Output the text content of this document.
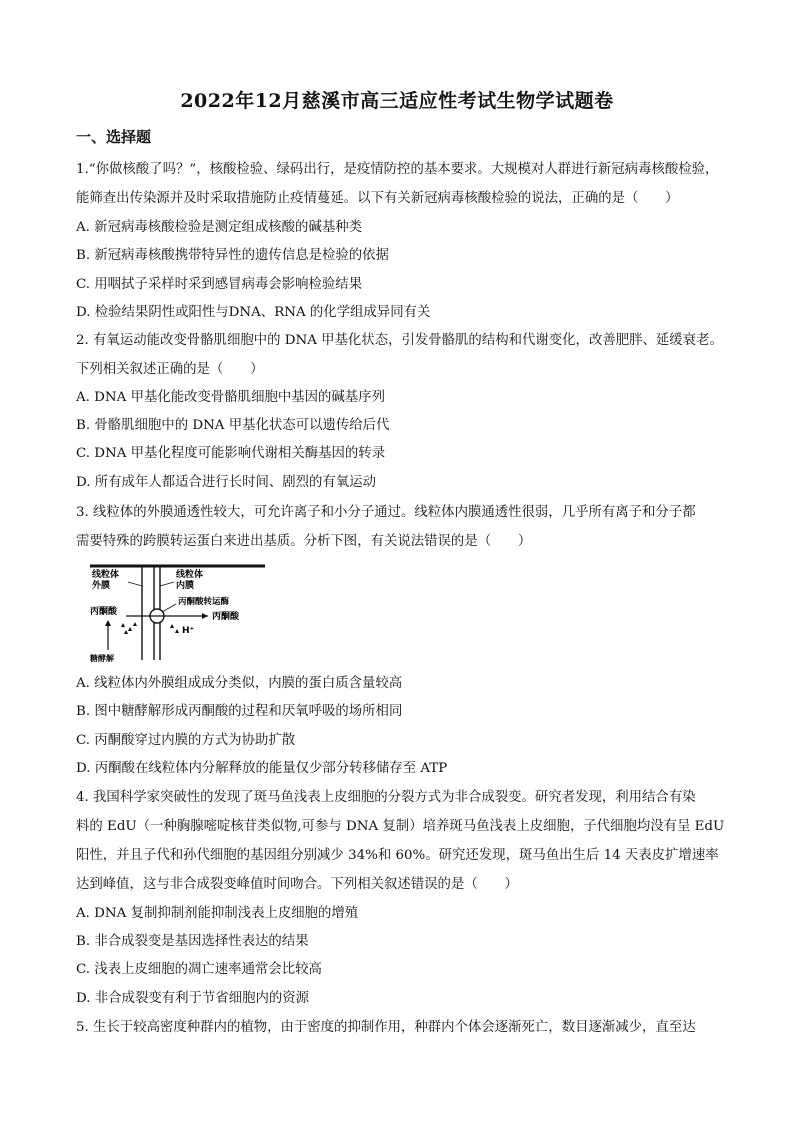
2022年12月慈溪市高三适应性考试生物学试题卷
一、选择题
1.“你做核酸了吗？”，核酸检验、绿码出行，是疫情防控的基本要求。大规模对人群进行新冠病毒核酸检验，
能筛查出传染源并及时采取措施防止疫情蔓延。以下有关新冠病毒核酸检验的说法，正确的是（　　）
A. 新冠病毒核酸检验是测定组成核酸的碱基种类
B. 新冠病毒核酸携带特异性的遗传信息是检验的依据
C. 用咽拭子采样时采到感冒病毒会影响检验结果
D. 检验结果阴性或阳性与DNA、RNA 的化学组成异同有关
2. 有氧运动能改变骨骼肌细胞中的 DNA 甲基化状态，引发骨骼肌的结构和代谢变化，改善肥胖、延缓衰老。
下列相关叙述正确的是（　　）
A. DNA 甲基化能改变骨骼肌细胞中基因的碱基序列
B. 骨骼肌细胞中的 DNA 甲基化状态可以遗传给后代
C. DNA 甲基化程度可能影响代谢相关酶基因的转录
D. 所有成年人都适合进行长时间、剧烈的有氧运动
3. 线粒体的外膜通透性较大，可允许离子和小分子通过。线粒体内膜通透性很弱，几乎所有离子和分子都
需要特殊的跨膜转运蛋白来进出基质。分析下图，有关说法错误的是（　　）
线粒体
外膜
线粒体
内膜
丙酮酸转运酶
丙酮酸	丙酮酸
H⁺
糖酵解
A. 线粒体内外膜组成成分类似，内膜的蛋白质含量较高
B. 图中糖酵解形成丙酮酸的过程和厌氧呼吸的场所相同
C. 丙酮酸穿过内膜的方式为协助扩散
D. 丙酮酸在线粒体内分解释放的能量仅少部分转移储存至 ATP
4. 我国科学家突破性的发现了斑马鱼浅表上皮细胞的分裂方式为非合成裂变。研究者发现，利用结合有染
料的 EdU（一种胸腺嘧啶核苷类似物,可参与 DNA 复制）培养斑马鱼浅表上皮细胞，子代细胞均没有呈 EdU
阳性，并且子代和孙代细胞的基因组分别减少 34%和 60%。研究还发现，斑马鱼出生后 14 天表皮扩增速率
达到峰值，这与非合成裂变峰值时间吻合。下列相关叙述错误的是（　　）
A. DNA 复制抑制剂能抑制浅表上皮细胞的增殖
B. 非合成裂变是基因选择性表达的结果
C. 浅表上皮细胞的凋亡速率通常会比较高
D. 非合成裂变有利于节省细胞内的资源
5. 生长于较高密度种群内的植物，由于密度的抑制作用，种群内个体会逐渐死亡，数目逐渐减少，直至达
